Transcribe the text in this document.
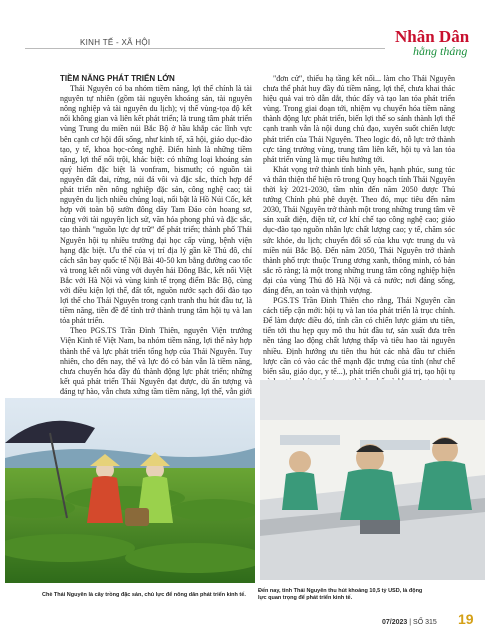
KINH TẾ - XÃ HỘI	Nhân Dân
hằng tháng

TIỀM NĂNG PHÁT TRIỂN LỚN

Thái Nguyên có ba nhóm tiềm năng, lợi thế chính là tài nguyên tự nhiên (gồm tài nguyên khoáng sản, tài nguyên nông nghiệp và tài nguyên du lịch); vị thế vùng-tọa độ kết nối không gian và liên kết phát triển; là trung tâm phát triển vùng Trung du miền núi Bắc Bộ ở hầu khắp các lĩnh vực bên cạnh cơ hội đổi sống, như kinh tế, xã hội, giáo dục-đào tạo, y tế, khoa học-công nghệ. Điển hình là những tiềm năng, lợi thế nổi trội, khác biệt: có những loại khoáng sản quý hiếm đặc biệt là vonfram, bismuth; có nguồn tài nguyên đất đai, rừng, núi đá vôi và đặc sắc, thích hợp để phát triển nền nông nghiệp đặc sản, công nghệ cao; tài nguyên du lịch nhiều chủng loại, nổi bật là Hồ Núi Cốc, kết hợp với toàn bộ sườn đông dãy Tam Đảo còn hoang sơ, cùng với tài nguyên lịch sử, văn hóa phong phú và đặc sắc, tạo thành "nguồn lực dự trữ" để phát triển; thành phố Thái Nguyên hội tụ nhiều trường đại học cấp vùng, bệnh viện hạng đặc biệt. Ưu thế của vị trí địa lý gần kề Thủ đô, chỉ cách sân bay quốc tế Nội Bài 40-50 km bằng đường cao tốc và trong kết nối vùng với duyên hải Đông Bắc, kết nối Việt Bắc với Hà Nội và vùng kinh tế trọng điểm Bắc Bộ, cùng với điều kiện lợi thế, đất tốt, nguồn nước sạch đối đào tạo lợi thế cho Thái Nguyên trong cạnh tranh thu hút đầu tư, là tiềm năng, tiền đề để tỉnh trở thành trung tâm hội tụ và lan tỏa phát triển.

Theo PGS.TS Trần Đình Thiên, nguyên Viện trưởng Viện Kinh tế Việt Nam, ba nhóm tiềm năng, lợi thế này hợp thành thế và lực phát triển tổng hợp của Thái Nguyên. Tuy nhiên, cho đến nay, thế và lực đó có bản vẫn là tiềm năng, chưa chuyển hóa đầy đủ thành động lực phát triển; những kết quả phát triển Thái Nguyên đạt được, dù ấn tượng và đáng tự hào, vẫn chưa xứng tầm tiềm năng, lợi thế, vẫn giới

"đơn cử", thiếu hạ tầng kết nối... làm cho Thái Nguyên chưa thể phát huy đầy đủ tiềm năng, lợi thế, chưa khai thác hiệu quả vai trò dẫn dắt, thúc đẩy và tạo lan tỏa phát triển vùng. Trong giai đoạn tới, nhiệm vụ chuyển hóa tiềm năng thành động lực phát triển, biến lợi thế so sánh thành lợi thế cạnh tranh vẫn là nội dung chủ đạo, xuyên suốt chiến lược phát triển của Thái Nguyên. Theo logic đó, nỗ lực trở thành cực tăng trưởng vùng, trung tâm liên kết, hội tụ và lan tỏa phát triển vùng là mục tiêu hướng tới.

Khát vọng trở thành tỉnh bình yên, hạnh phúc, sung túc và thân thiện thể hiện rõ trong Quy hoạch tỉnh Thái Nguyên thời kỳ 2021-2030, tầm nhìn đến năm 2050 được Thủ tướng Chính phủ phê duyệt. Theo đó, mục tiêu đến năm 2030, Thái Nguyên trở thành một trong những trung tâm về sản xuất điện, điện tử, cơ khí chế tạo công nghệ cao; giáo dục-đào tạo nguồn nhân lực chất lượng cao; y tế, chăm sóc sức khỏe, du lịch; chuyển đổi số của khu vực trung du và miền núi Bắc Bộ. Đến năm 2050, Thái Nguyên trở thành thành phố trực thuộc Trung ương xanh, thông minh, có bản sắc rõ ràng; là một trong những trung tâm công nghiệp hiện đại của vùng Thủ đô Hà Nội và cả nước; nơi đáng sống, đáng đến, an toàn và thịnh vượng.

PGS.TS Trần Đình Thiên cho rằng, Thái Nguyên cần cách tiếp cận mới: hội tụ và lan tỏa phát triển là trục chính. Để làm được điều đó, tỉnh cần có chiến lược giảm ưu tiên, tiến tới thu hẹp quy mô thu hút đầu tư, sản xuất đưa trên nền tảng lao động chất lượng thấp và tiêu hao tài nguyên nhiều. Định hướng ưu tiên thu hút các nhà đầu tư chiến lược cần có vào các thế mạnh đặc trưng của tỉnh (như chế biến sâu, giáo dục, y tế...), phát triển chuỗi giá trị, tạo hội tụ

Chè Thái Nguyên là cây trồng đặc sản, chủ lực để nông dân phát triển kinh tế.
Đến nay, tỉnh Thái Nguyên thu hút khoảng 10,5 tỷ USD, là động lực quan trọng để phát triển kinh tế.
07/2023 | SỐ 315 19
